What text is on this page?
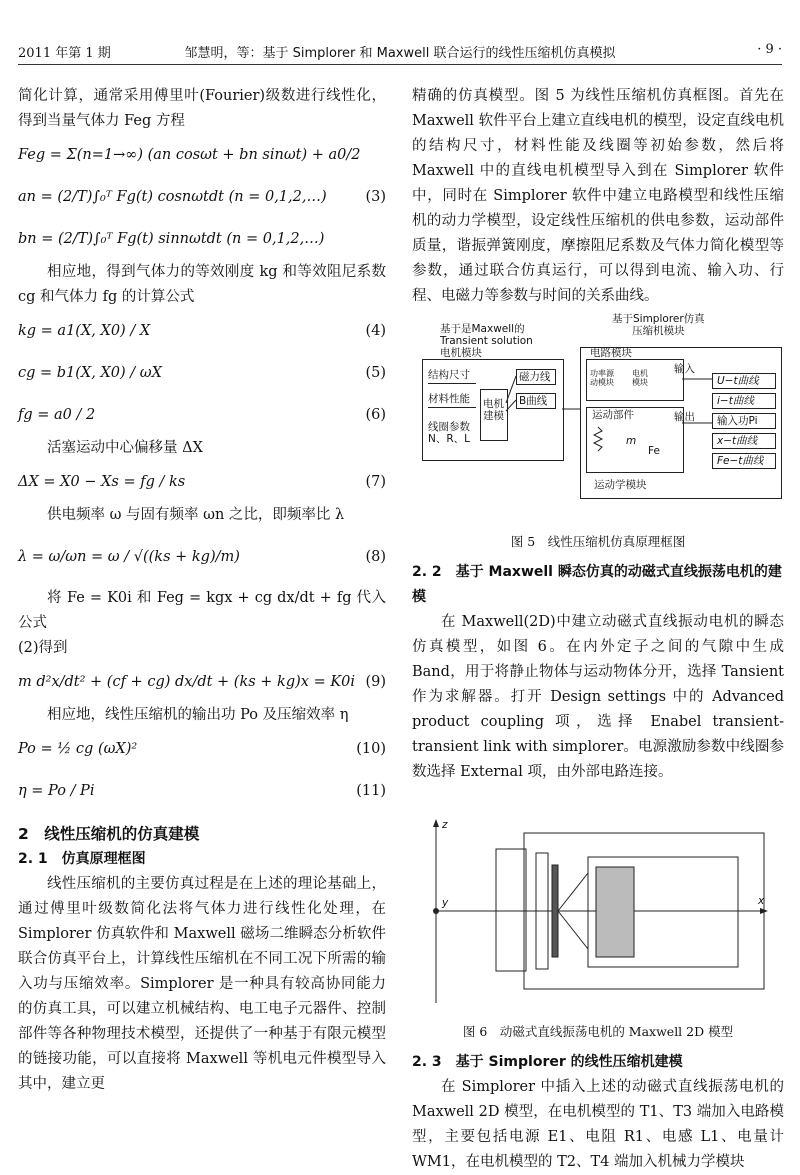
2011 年第 1 期	邹慧明，等：基于 Simplorer 和 Maxwell 联合运行的线性压缩机仿真模拟	· 9 ·

简化计算，通常采用傅里叶(Fourier)级数进行线性化，得到当量气体力 Feg 方程

Feg = Σ(n=1→∞) (an cosωt + bn sinωt) + a0/2
an = (2/T)∫₀ᵀ Fg(t) cosnωtdt (n = 0,1,2,…)	(3)
bn = (2/T)∫₀ᵀ Fg(t) sinnωtdt (n = 0,1,2,…)

相应地，得到气体力的等效刚度 kg 和等效阻尼系数 cg 和气体力 fg 的计算公式

kg = a1(X, X0) / X	(4)
cg = b1(X, X0) / ωX	(5)
fg = a0 / 2	(6)

活塞运动中心偏移量 ΔX

ΔX = X0 − Xs = fg / ks	(7)

供电频率 ω 与固有频率 ωn 之比，即频率比 λ

λ = ω/ωn = ω / √((ks + kg)/m)	(8)

将 Fe = K0i 和 Feg = kgx + cg dx/dt + fg 代入公式

(2)得到

m d²x/dt² + (cf + cg) dx/dt + (ks + kg)x = K0i (9)

相应地，线性压缩机的输出功 Po 及压缩效率 η

Po = ½ cg (ωX)²	(10)
η = Po / Pi	(11)
2　线性压缩机的仿真建模
2. 1　仿真原理框图

线性压缩机的主要仿真过程是在上述的理论基础上，通过傅里叶级数简化法将气体力进行线性化处理，在 Simplorer 仿真软件和 Maxwell 磁场二维瞬态分析软件联合仿真平台上，计算线性压缩机在不同工况下所需的输入功与压缩效率。Simplorer 是一种具有较高协同能力的仿真工具，可以建立机械结构、电工电子元器件、控制部件等各种物理技术模型，还提供了一种基于有限元模型的链接功能，可以直接将 Maxwell 等机电元件模型导入其中，建立更

精确的仿真模型。图 5 为线性压缩机仿真框图。首先在 Maxwell 软件平台上建立直线电机的模型，设定直线电机的结构尺寸，材料性能及线圈等初始参数，然后将 Maxwell 中的直线电机模型导入到在 Simplorer 软件中，同时在 Simplorer 软件中建立电路模型和线性压缩机的动力学模型，设定线性压缩机的供电参数，运动部件质量，谐振弹簧刚度，摩擦阻尼系数及气体力简化模型等参数，通过联合仿真运行，可以得到电流、输入功、行程、电磁力等参数与时间的关系曲线。

基于是Maxwell的
Transient solution
电机模块
基于Simplorer仿真
压缩机模块
结构尺寸
材料性能
线圈参数
N、R、L
电机
建模
磁力线
B曲线
电路模块
功率源
动模块
电机
模块
运动部件
m
Fe
运动学模块
输入
输出
U−t曲线
i−t曲线
输入功Pi
x−t曲线
Fe−t曲线
图 5　线性压缩机仿真原理框图
2. 2　基于 Maxwell 瞬态仿真的动磁式直线振荡电机的建模

在 Maxwell(2D)中建立动磁式直线振动电机的瞬态仿真模型，如图 6。在内外定子之间的气隙中生成 Band，用于将静止物体与运动物体分开，选择 Tansient 作为求解器。打开 Design settings 中的 Advanced product coupling 项，选择 Enabel transient-transient link with simplorer。电源激励参数中线圈参数选择 External 项，由外部电路连接。

z
y	x
图 6　动磁式直线振荡电机的 Maxwell 2D 模型
2. 3　基于 Simplorer 的线性压缩机建模

在 Simplorer 中插入上述的动磁式直线振荡电机的 Maxwell 2D 模型，在电机模型的 T1、T3 端加入电路模型，主要包括电源 E1、电阻 R1、电感 L1、电量计 WM1，在电机模型的 T2、T4 端加入机械力学模块
